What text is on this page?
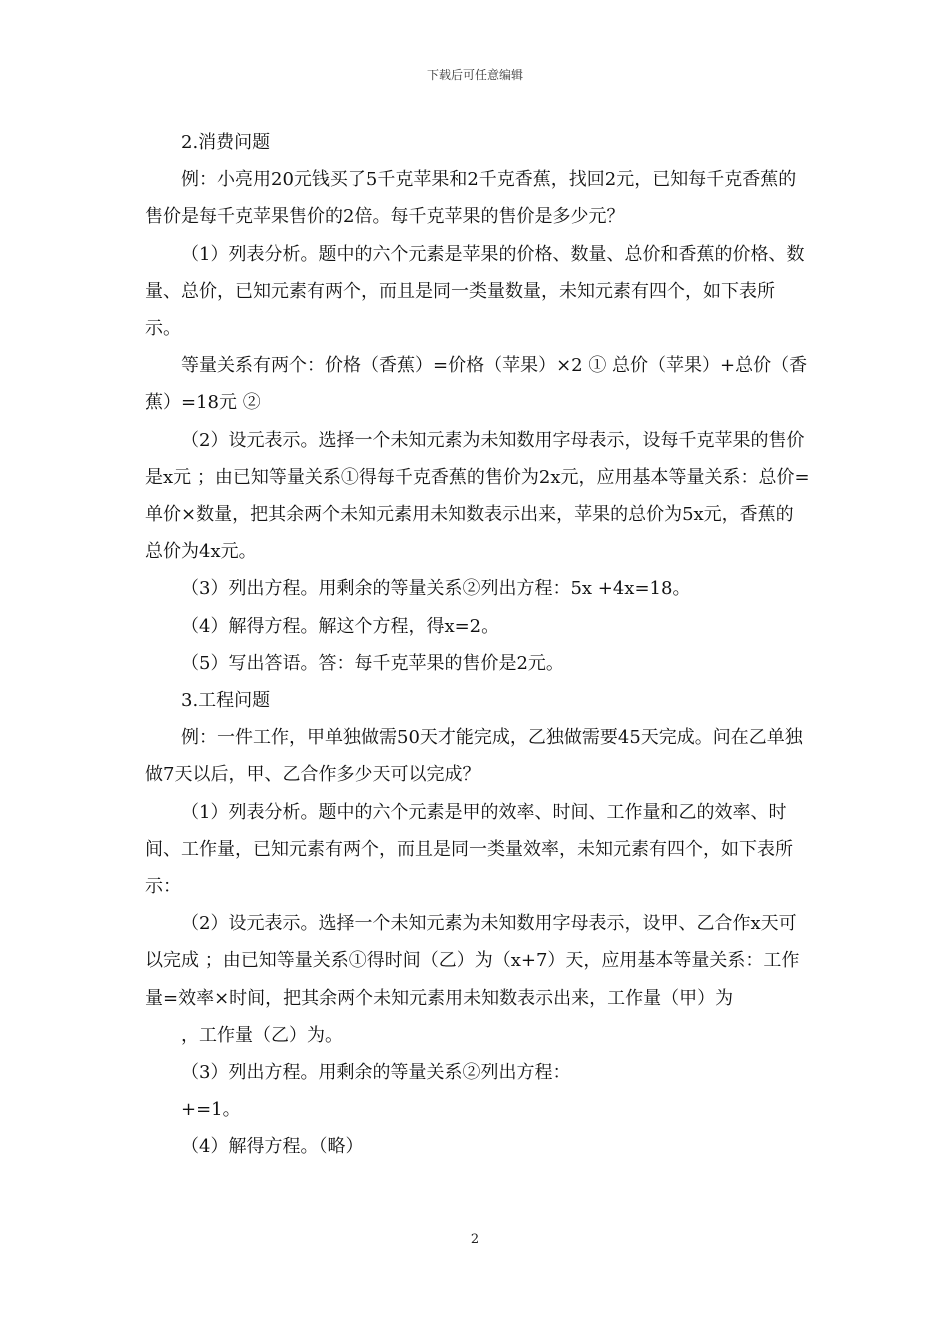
下载后可任意编辑

2.消费问题

例：小亮用20元钱买了5千克苹果和2千克香蕉，找回2元，已知每千克香蕉的售价是每千克苹果售价的2倍。每千克苹果的售价是多少元？

（1）列表分析。题中的六个元素是苹果的价格、数量、总价和香蕉的价格、数量、总价，已知元素有两个，而且是同一类量数量，未知元素有四个，如下表所示。

等量关系有两个：价格（香蕉）=价格（苹果）×2 ① 总价（苹果）+总价（香蕉）=18元 ②

（2）设元表示。选择一个未知元素为未知数用字母表示，设每千克苹果的售价是x元 ；由已知等量关系①得每千克香蕉的售价为2x元，应用基本等量关系：总价=单价×数量，把其余两个未知元素用未知数表示出来，苹果的总价为5x元，香蕉的总价为4x元。

（3）列出方程。用剩余的等量关系②列出方程：5x +4x=18。

（4）解得方程。解这个方程，得x=2。

（5）写出答语。答：每千克苹果的售价是2元。

3.工程问题

例：一件工作，甲单独做需50天才能完成，乙独做需要45天完成。问在乙单独做7天以后，甲、乙合作多少天可以完成？

（1）列表分析。题中的六个元素是甲的效率、时间、工作量和乙的效率、时间、工作量，已知元素有两个，而且是同一类量效率，未知元素有四个，如下表所示：

（2）设元表示。选择一个未知元素为未知数用字母表示，设甲、乙合作x天可以完成 ；由已知等量关系①得时间（乙）为（x+7）天，应用基本等量关系：工作量=效率×时间，把其余两个未知元素用未知数表示出来，工作量（甲）为

，工作量（乙）为。

（3）列出方程。用剩余的等量关系②列出方程：

+=1。

（4）解得方程。（略）

2
